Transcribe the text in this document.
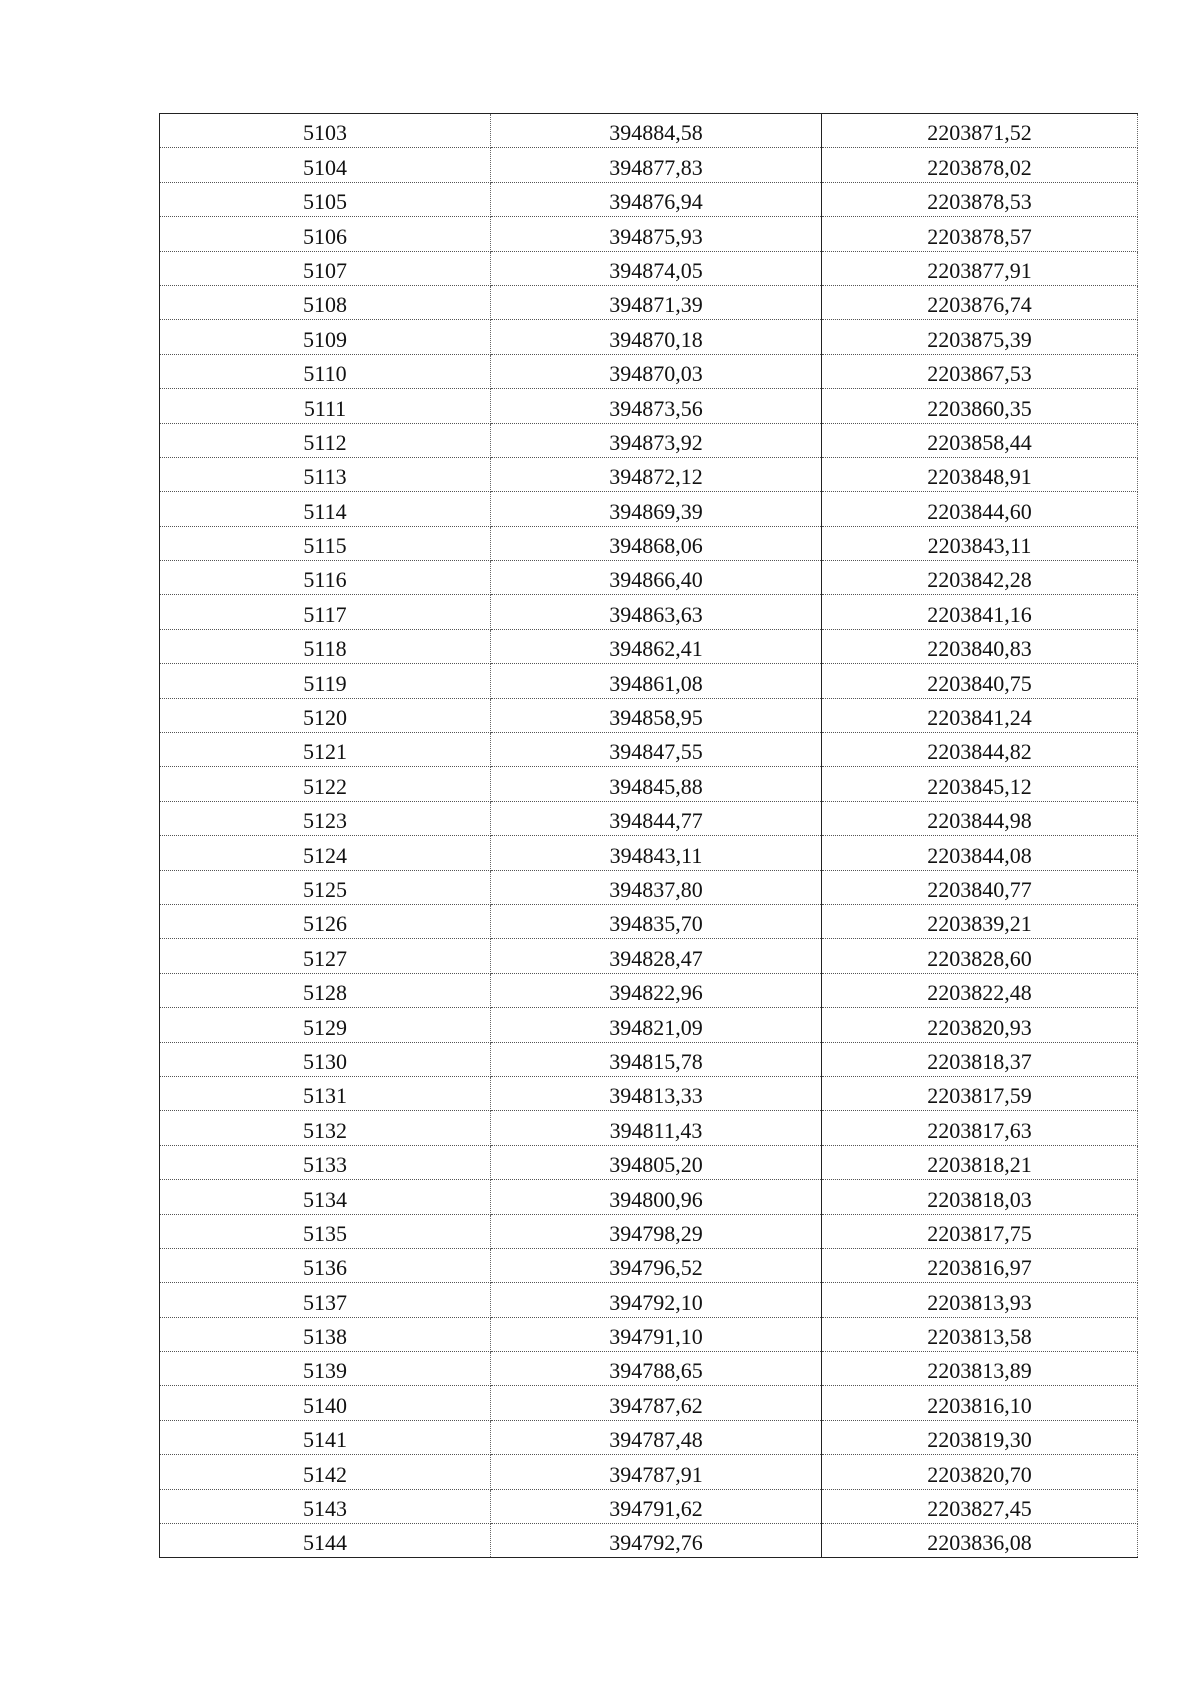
5103	394884,58	2203871,52
5104	394877,83	2203878,02
5105	394876,94	2203878,53
5106	394875,93	2203878,57
5107	394874,05	2203877,91
5108	394871,39	2203876,74
5109	394870,18	2203875,39
5110	394870,03	2203867,53
5111	394873,56	2203860,35
5112	394873,92	2203858,44
5113	394872,12	2203848,91
5114	394869,39	2203844,60
5115	394868,06	2203843,11
5116	394866,40	2203842,28
5117	394863,63	2203841,16
5118	394862,41	2203840,83
5119	394861,08	2203840,75
5120	394858,95	2203841,24
5121	394847,55	2203844,82
5122	394845,88	2203845,12
5123	394844,77	2203844,98
5124	394843,11	2203844,08
5125	394837,80	2203840,77
5126	394835,70	2203839,21
5127	394828,47	2203828,60
5128	394822,96	2203822,48
5129	394821,09	2203820,93
5130	394815,78	2203818,37
5131	394813,33	2203817,59
5132	394811,43	2203817,63
5133	394805,20	2203818,21
5134	394800,96	2203818,03
5135	394798,29	2203817,75
5136	394796,52	2203816,97
5137	394792,10	2203813,93
5138	394791,10	2203813,58
5139	394788,65	2203813,89
5140	394787,62	2203816,10
5141	394787,48	2203819,30
5142	394787,91	2203820,70
5143	394791,62	2203827,45
5144	394792,76	2203836,08
